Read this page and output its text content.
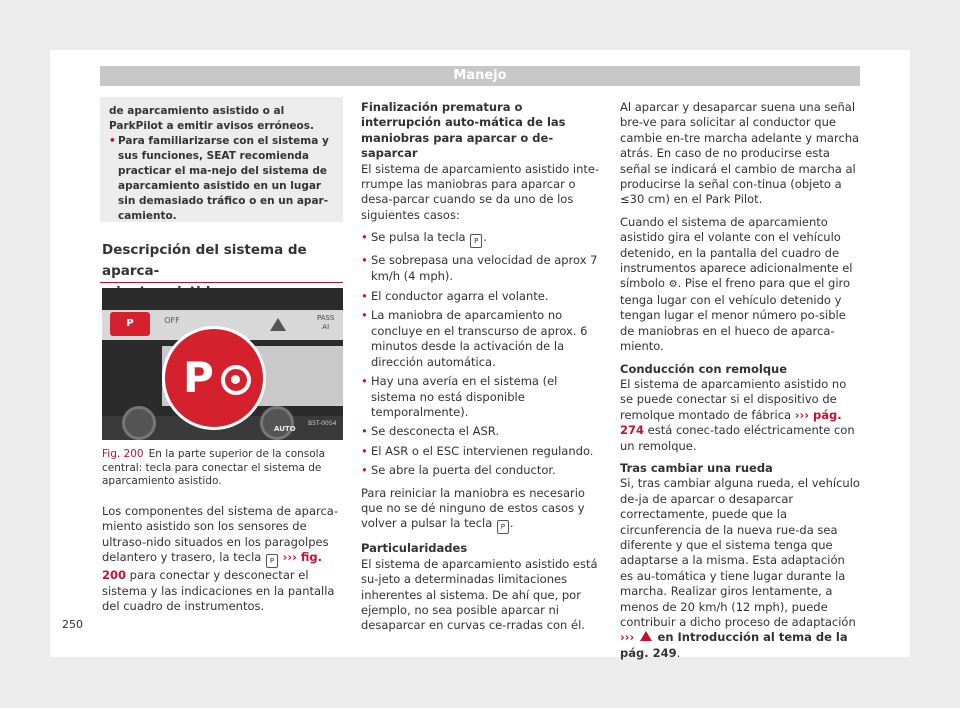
Manejo

de aparcamiento asistido o al ParkPilot a emitir avisos erróneos.

• Para familiarizarse con el sistema y sus funciones, SEAT recomienda practicar el ma-nejo del sistema de aparcamiento asistido en un lugar sin demasiado tráfico o en un apar-camiento.

Descripción del sistema de aparca-
P	OFF	PASS
AI
P
AUTO
B5T-0054
Fig. 200 En la parte superior de la consola central: tecla para conectar el sistema de aparcamiento asistido.

Los componentes del sistema de aparca-miento asistido son los sensores de ultraso-nido situados en los paragolpes delantero y trasero, la tecla P ››› fig. 200 para conectar y desconectar el sistema y las indicaciones en la pantalla del cuadro de instrumentos.

Finalización prematura o interrupción auto-mática de las maniobras para aparcar o de-saparcar

El sistema de aparcamiento asistido inte-rrumpe las maniobras para aparcar o desa-parcar cuando se da uno de los siguientes casos:

• Se pulsa la tecla P .

• Se sobrepasa una velocidad de aprox 7 km/h (4 mph).

• El conductor agarra el volante.

• La maniobra de aparcamiento no concluye en el transcurso de aprox. 6 minutos desde la activación de la dirección automática.

• Hay una avería en el sistema (el sistema no está disponible temporalmente).

• Se desconecta el ASR.

• El ASR o el ESC intervienen regulando.

• Se abre la puerta del conductor.

Para reiniciar la maniobra es necesario que no se dé ninguno de estos casos y volver a pulsar la tecla P .

Particularidades

El sistema de aparcamiento asistido está su-jeto a determinadas limitaciones inherentes al sistema. De ahí que, por ejemplo, no sea posible aparcar ni desaparcar en curvas ce-rradas con él.

Al aparcar y desaparcar suena una señal bre-ve para solicitar al conductor que cambie en-tre marcha adelante y marcha atrás. En caso de no producirse esta señal se indicará el cambio de marcha al producirse la señal con-tinua (objeto a ≤30 cm) en el Park Pilot.

Cuando el sistema de aparcamiento asistido gira el volante con el vehículo detenido, en la pantalla del cuadro de instrumentos aparece adicionalmente el símbolo ⚙. Pise el freno para que el giro tenga lugar con el vehículo detenido y tengan lugar el menor número po-sible de maniobras en el hueco de aparca-miento.

Conducción con remolque

El sistema de aparcamiento asistido no se puede conectar si el dispositivo de remolque montado de fábrica ››› pág. 274 está conec-tado eléctricamente con un remolque.

Tras cambiar una rueda

Si, tras cambiar alguna rueda, el vehículo de-ja de aparcar o desaparcar correctamente, puede que la circunferencia de la nueva rue-da sea diferente y que el sistema tenga que adaptarse a la misma. Esta adaptación es au-tomática y tiene lugar durante la marcha. Realizar giros lentamente, a menos de 20 km/h (12 mph), puede contribuir a dicho proceso de adaptación ››› en Introducción al tema de la pág. 249.

250
